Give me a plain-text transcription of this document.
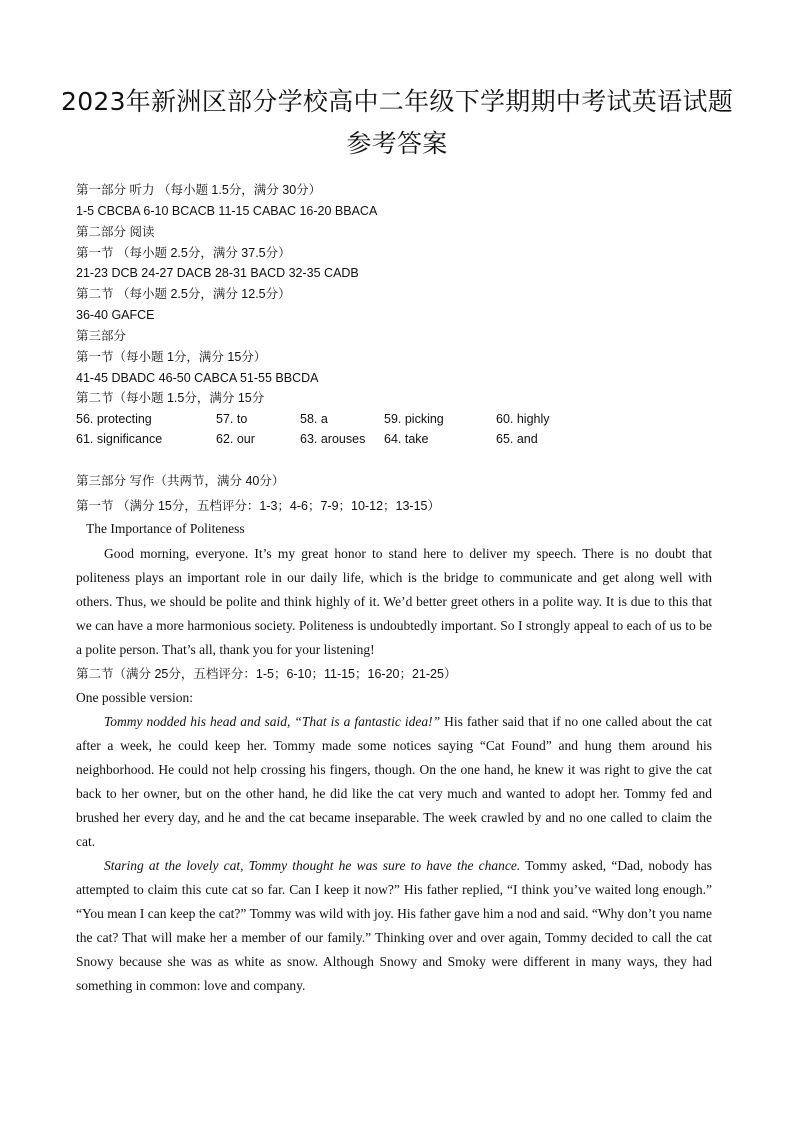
2023年新洲区部分学校高中二年级下学期期中考试英语试题
参考答案
第一部分 听力 （每小题 1.5分，满分 30分）
1-5 CBCBA 6-10 BCACB 11-15 CABAC 16-20 BBACA
第二部分 阅读
第一节 （每小题 2.5分，满分 37.5分）
21-23 DCB 24-27 DACB 28-31 BACD 32-35 CADB
第二节 （每小题 2.5分，满分 12.5分）
36-40 GAFCE
第三部分
第一节（每小题 1分，满分 15分）
41-45 DBADC 46-50 CABCA 51-55 BBCDA
第二节（每小题 1.5分，满分 15分
56. protecting	57. to	58. a	59. picking	60. highly
61. significance	62. our	63. arouses 64. take	65. and
第三部分 写作（共两节，满分 40分）
第一节 （满分 15分，五档评分：1-3；4-6；7-9；10-12；13-15）
The Importance of Politeness

Good morning, everyone. It’s my great honor to stand here to deliver my speech. There is no doubt that politeness plays an important role in our daily life, which is the bridge to communicate and get along well with others. Thus, we should be polite and think highly of it. We’d better greet others in a polite way. It is due to this that we can have a more harmonious society. Politeness is undoubtedly important. So I strongly appeal to each of us to be a polite person. That’s all, thank you for your listening!

第二节（满分 25分，五档评分：1-5；6-10；11-15；16-20；21-25）
One possible version:

Tommy nodded his head and said, “That is a fantastic idea!” His father said that if no one called about the cat after a week, he could keep her. Tommy made some notices saying “Cat Found” and hung them around his neighborhood. He could not help crossing his fingers, though. On the one hand, he knew it was right to give the cat back to her owner, but on the other hand, he did like the cat very much and wanted to adopt her. Tommy fed and brushed her every day, and he and the cat became inseparable. The week crawled by and no one called to claim the cat.

Staring at the lovely cat, Tommy thought he was sure to have the chance. Tommy asked, “Dad, nobody has attempted to claim this cute cat so far. Can I keep it now?” His father replied, “I think you’ve waited long enough.” “You mean I can keep the cat?” Tommy was wild with joy. His father gave him a nod and said. “Why don’t you name the cat? That will make her a member of our family.” Thinking over and over again, Tommy decided to call the cat Snowy because she was as white as snow. Although Snowy and Smoky were different in many ways, they had something in common: love and company.
